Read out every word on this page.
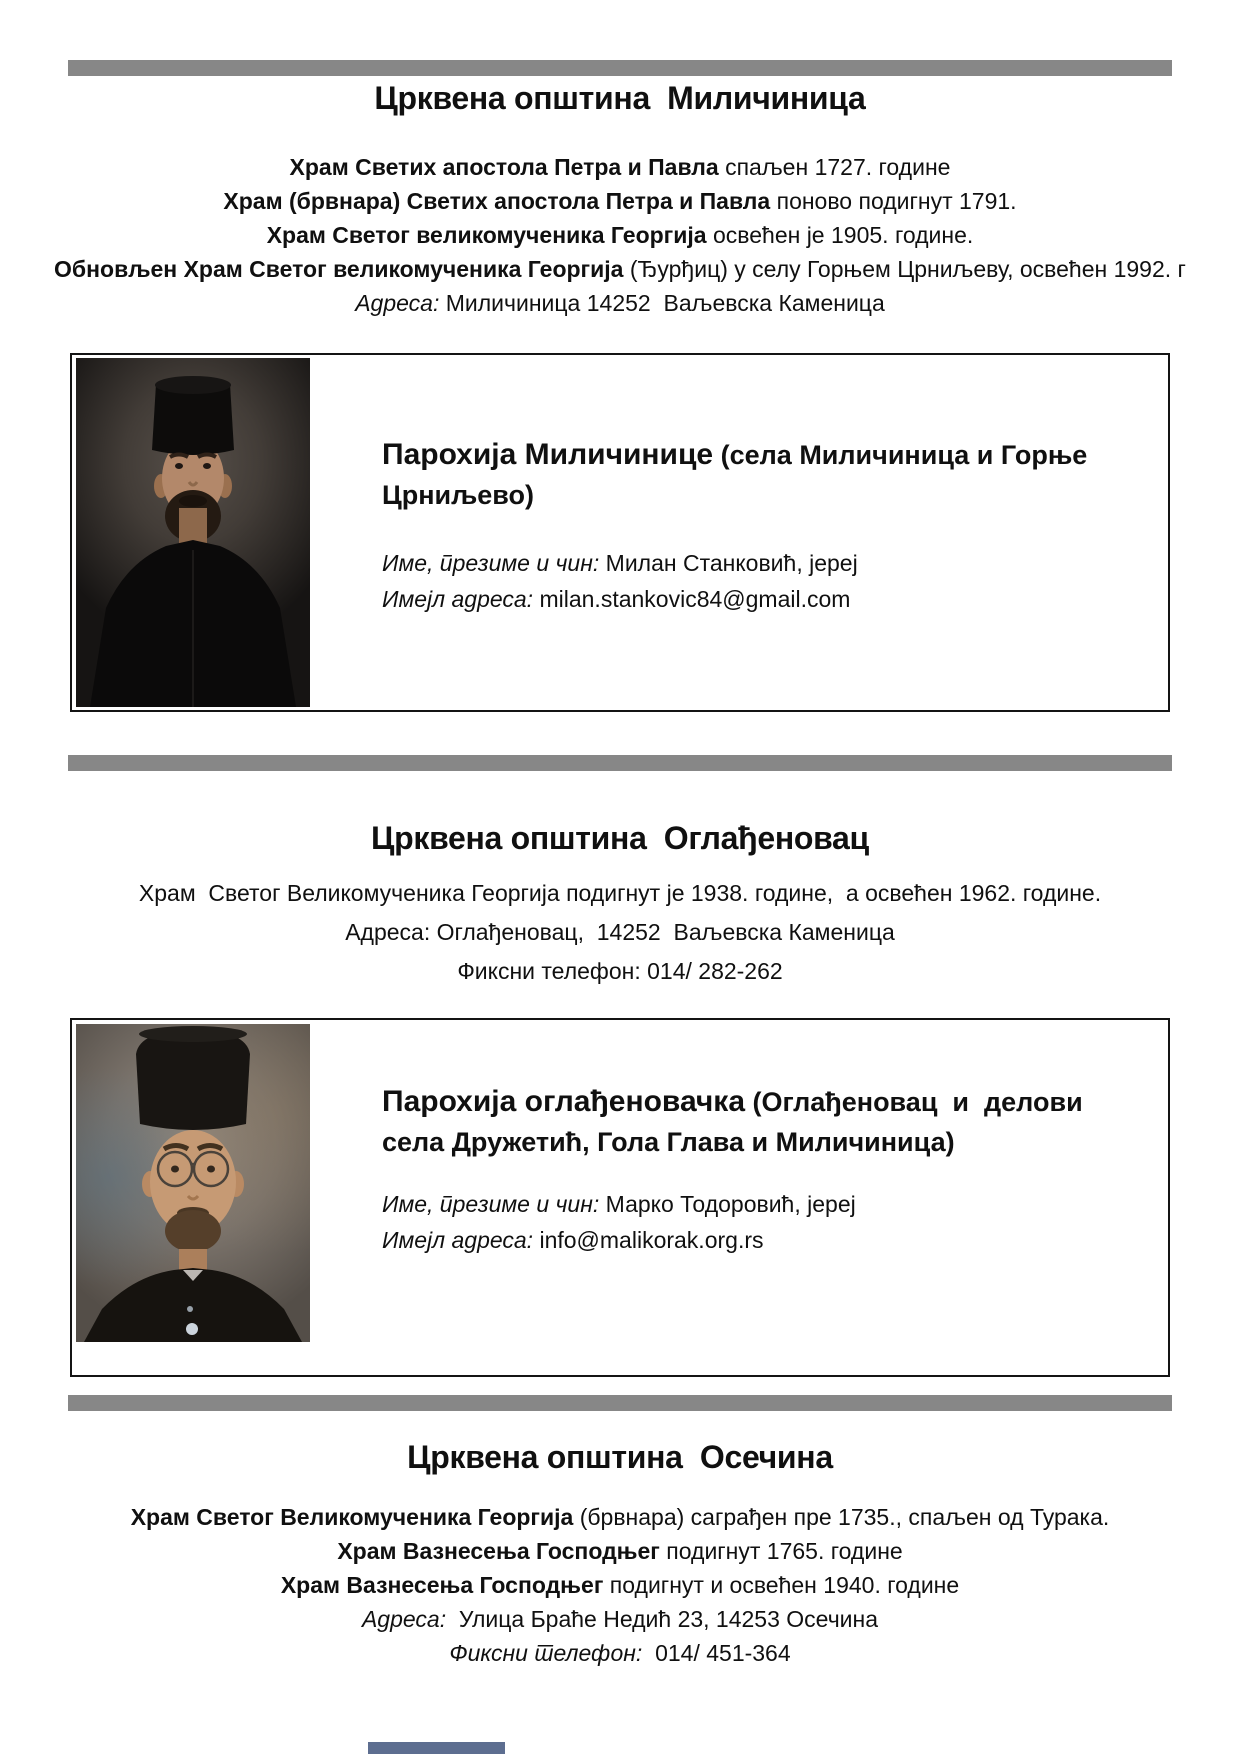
Црквена општина  Миличиница

Храм Светих апостола Петра и Павла спаљен 1727. године

Храм (брвнара) Светих апостола Петра и Павла поново подигнут 1791.

Храм Светог великомученика Георгија освећен је 1905. године.

Обновљен Храм Светог великомученика Георгија (Ђурђиц) у селу Горњем Црниљеву, освећен 1992. г

Адреса: Миличиница 14252  Ваљевска Каменица

Парохија Миличинице (села Миличиница и Горње Црниљево)

Име, презиме и чин: Милан Станковић, јереј

Имејл адреса: milan.stankovic84@gmail.com

Црквена општина  Оглађеновац

Храм  Светог Великомученика Георгија подигнут је 1938. године,  а освећен 1962. године.

Адреса: Оглађеновац,  14252  Ваљевска Каменица

Фиксни телефон: 014/ 282-262

Парохија оглађеновачка (Оглађеновац  и  делови села Дружетић, Гола Глава и Миличиница)

Име, презиме и чин: Марко Тодоровић, јереј

Имејл адреса: info@malikorak.org.rs

Црквена општина  Осечина

Храм Светог Великомученика Георгија (брвнара) саграђен пре 1735., спаљен од Турака.

Храм Вазнесења Господњег подигнут 1765. године

Храм Вазнесења Господњег подигнут и освећен 1940. године

Адреса:  Улица Браће Недић 23, 14253 Осечина

Фиксни телефон:  014/ 451-364
